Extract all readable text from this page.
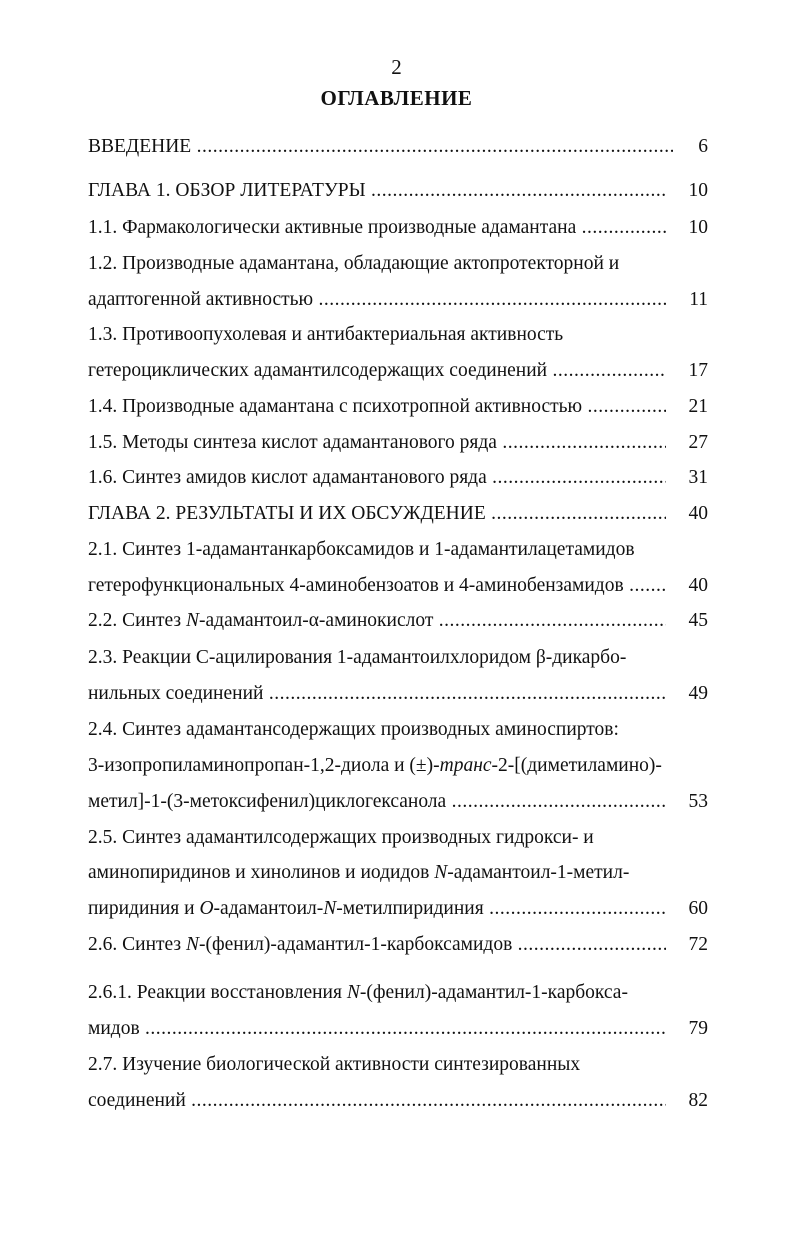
2
ОГЛАВЛЕНИЕ
ВВЕДЕНИЕ .....	6
ГЛАВА 1. ОБЗОР ЛИТЕРАТУРЫ .....	10
1.1. Фармакологически активные производные адамантана .....	10
1.2. Производные адамантана, обладающие актопротекторной и
адаптогенной активностью .....	11
1.3. Противоопухолевая и антибактериальная активность
гетероциклических адамантилсодержащих соединений .....	17
1.4. Производные адамантана с психотропной активностью .....	21
1.5. Методы синтеза кислот адамантанового ряда .....	27
1.6. Синтез амидов кислот адамантанового ряда .....	31
ГЛАВА 2. РЕЗУЛЬТАТЫ И ИХ ОБСУЖДЕНИЕ .....	40
2.1. Синтез 1-адамантанкарбоксамидов и 1-адамантилацетамидов
гетерофункциональных 4-аминобензоатов и 4-аминобензамидов .....	40
2.2. Синтез N-адамантоил-α-аминокислот .....	45
2.3. Реакции С-ацилирования 1-адамантоилхлоридом β-дикарбо-
нильных соединений .....	49
2.4. Синтез адамантансодержащих производных аминоспиртов:
3-изопропиламинопропан-1,2-диола и (±)-транс-2-[(диметиламино)-
метил]-1-(3-метоксифенил)циклогексанола .....	53
2.5. Синтез адамантилсодержащих производных гидрокси- и
аминопиридинов и хинолинов и иодидов N-адамантоил-1-метил-
пиридиния и O-адамантоил-N-метилпиридиния .....	60
2.6. Синтез N-(фенил)-адамантил-1-карбоксамидов .....	72
2.6.1. Реакции восстановления N-(фенил)-адамантил-1-карбокса-
мидов .....	79
2.7. Изучение биологической активности синтезированных
соединений .....	82
